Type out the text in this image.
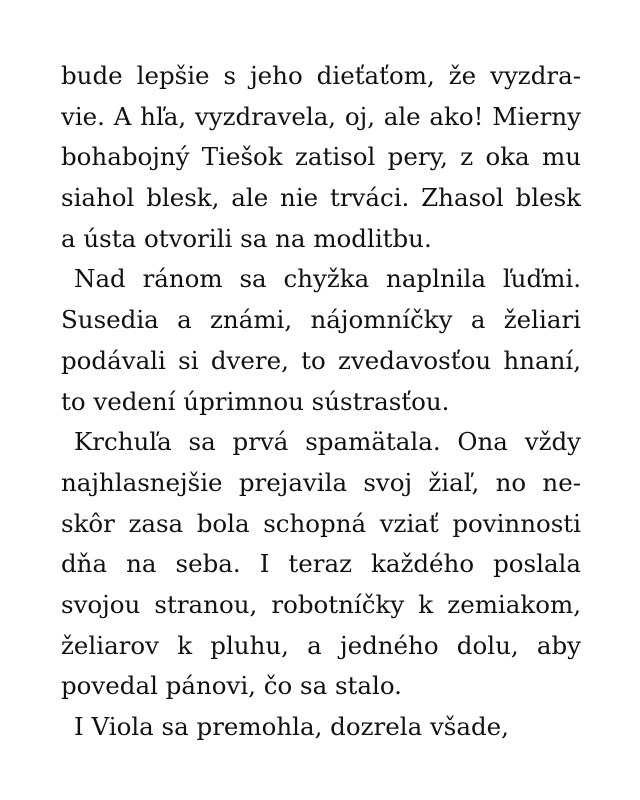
bude lepšie s jeho dieťaťom, že vyzdra-
vie. A hľa, vyzdravela, oj, ale ako! Mierny
bohabojný Tiešok zatisol pery, z oka mu
siahol blesk, ale nie trváci. Zhasol blesk
a ústa otvorili sa na modlitbu.
Nad ránom sa chyžka naplnila ľuďmi.
Susedia a známi, nájomníčky a želiari
podávali si dvere, to zvedavosťou hnaní,
to vedení úprimnou sústrasťou.
Krchuľa sa prvá spamätala. Ona vždy
najhlasnejšie prejavila svoj žiaľ, no ne-
skôr zasa bola schopná vziať povinnosti
dňa na seba. I teraz každého poslala
svojou stranou, robotníčky k zemiakom,
želiarov k pluhu, a jedného dolu, aby
povedal pánovi, čo sa stalo.
I Viola sa premohla, dozrela všade,
